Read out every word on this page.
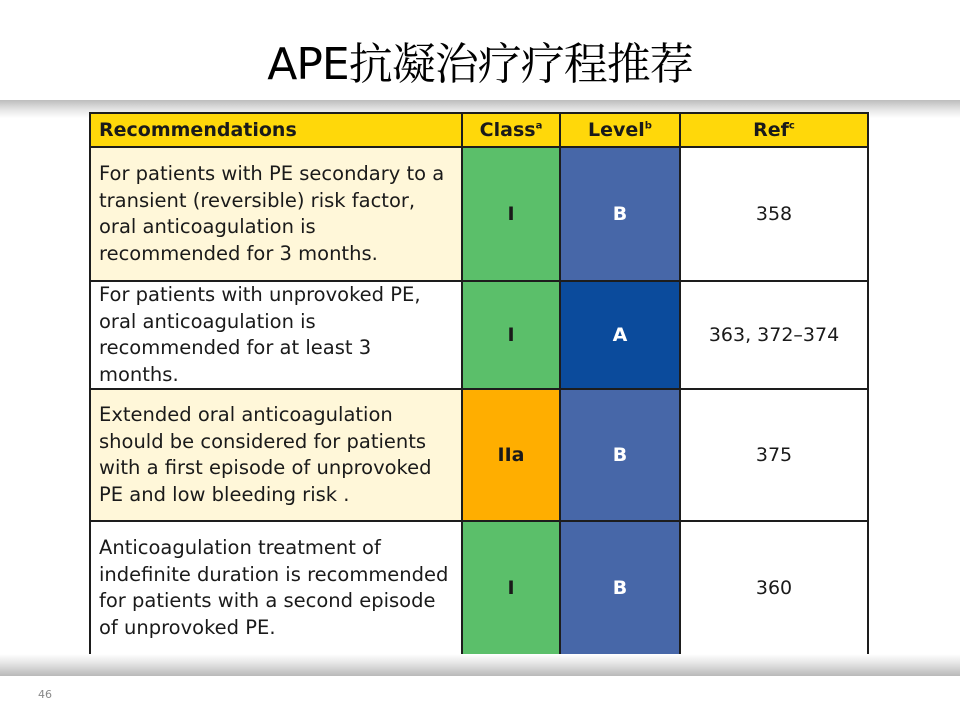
APE抗凝治疗疗程推荐
Recommendations	Class$^a$	Level$^b$	Ref$^c$
For patients with PE secondary to a transient (reversible) risk factor, oral anticoagulation is recommended for 3 months.	I	B	358
For patients with unprovoked PE, oral anticoagulation is recommended for at least 3 months.	I	A	363, 372–374
Extended oral anticoagulation should be considered for patients with a first episode of unprovoked PE and low bleeding risk .	IIa	B	375
Anticoagulation treatment of indefinite duration is recommended for patients with a second episode of unprovoked PE.	I	B	360

46
